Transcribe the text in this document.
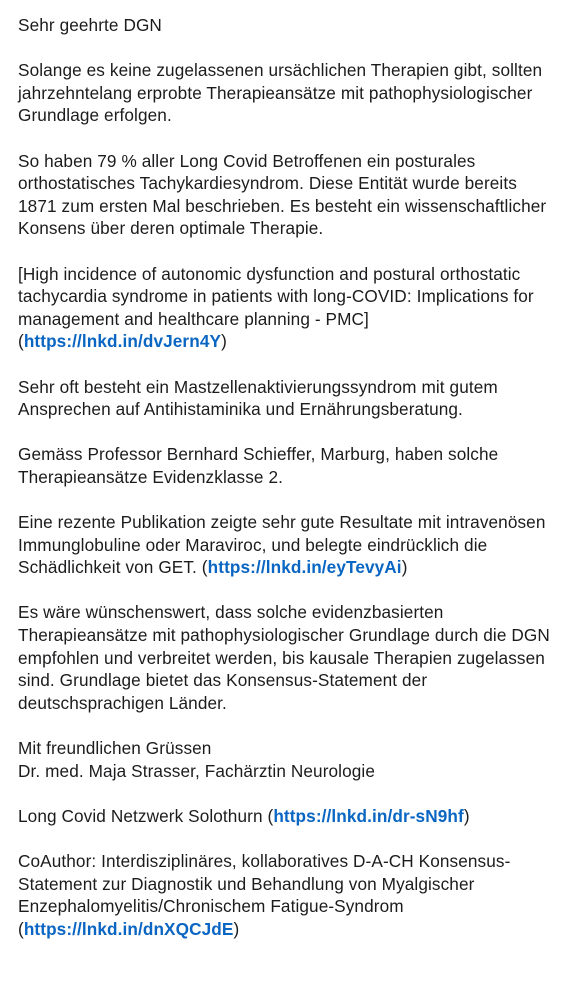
Sehr geehrte DGN

Solange es keine zugelassenen ursächlichen Therapien gibt, sollten jahrzehntelang erprobte Therapieansätze mit pathophysiologischer Grundlage erfolgen.

So haben 79 % aller Long Covid Betroffenen ein posturales orthostatisches Tachykardiesyndrom. Diese Entität wurde bereits 1871 zum ersten Mal beschrieben. Es besteht ein wissenschaftlicher Konsens über deren optimale Therapie.

[High incidence of autonomic dysfunction and postural orthostatic tachycardia syndrome in patients with long-COVID: Implications for management and healthcare planning - PMC](https://lnkd.in/dvJern4Y)

Sehr oft besteht ein Mastzellenaktivierungssyndrom mit gutem Ansprechen auf Antihistaminika und Ernährungsberatung.

Gemäss Professor Bernhard Schieffer, Marburg, haben solche Therapieansätze Evidenzklasse 2.

Eine rezente Publikation zeigte sehr gute Resultate mit intravenösen Immunglobuline oder Maraviroc, und belegte eindrücklich die Schädlichkeit von GET. (https://lnkd.in/eyTevyAi)

Es wäre wünschenswert, dass solche evidenzbasierten Therapieansätze mit pathophysiologischer Grundlage durch die DGN empfohlen und verbreitet werden, bis kausale Therapien zugelassen sind. Grundlage bietet das Konsensus-Statement der deutschsprachigen Länder.

Mit freundlichen Grüssen
Dr. med. Maja Strasser, Fachärztin Neurologie

Long Covid Netzwerk Solothurn (https://lnkd.in/dr-sN9hf)

CoAuthor: Interdisziplinäres, kollaboratives D-A-CH Konsensus-Statement zur Diagnostik und Behandlung von Myalgischer Enzephalomyelitis/Chronischem Fatigue-Syndrom (https://lnkd.in/dnXQCJdE)
